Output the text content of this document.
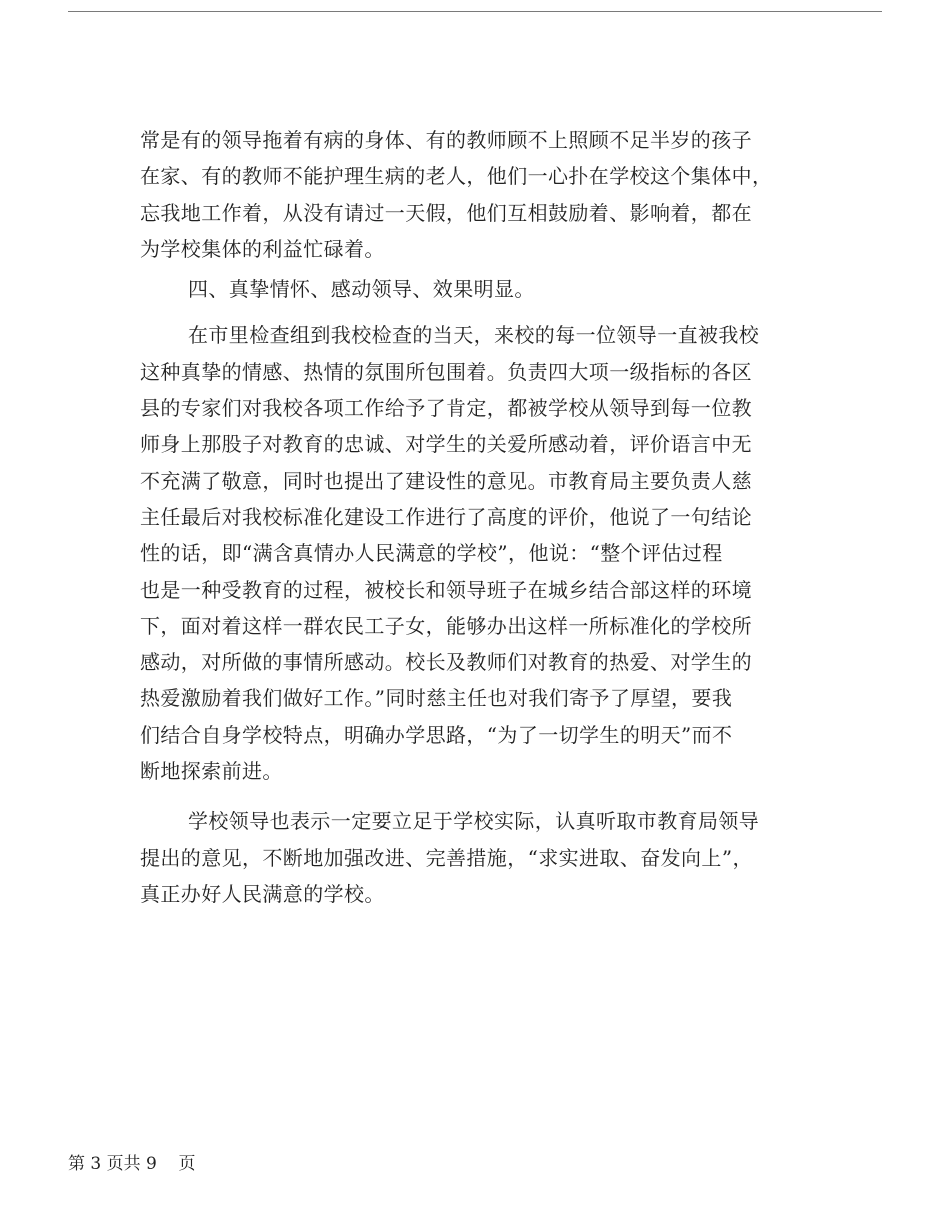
常是有的领导拖着有病的身体、有的教师顾不上照顾不足半岁的孩子
在家、有的教师不能护理生病的老人，他们一心扑在学校这个集体中，
忘我地工作着，从没有请过一天假，他们互相鼓励着、影响着，都在
为学校集体的利益忙碌着。
四、真挚情怀、感动领导、效果明显。
在市里检查组到我校检查的当天，来校的每一位领导一直被我校
这种真挚的情感、热情的氛围所包围着。负责四大项一级指标的各区
县的专家们对我校各项工作给予了肯定，都被学校从领导到每一位教
师身上那股子对教育的忠诚、对学生的关爱所感动着，评价语言中无
不充满了敬意，同时也提出了建设性的意见。市教育局主要负责人慈
主任最后对我校标准化建设工作进行了高度的评价，他说了一句结论
性的话，即“满含真情办人民满意的学校”，他说：“整个评估过程
也是一种受教育的过程，被校长和领导班子在城乡结合部这样的环境
下，面对着这样一群农民工子女，能够办出这样一所标准化的学校所
感动，对所做的事情所感动。校长及教师们对教育的热爱、对学生的
热爱激励着我们做好工作。”同时慈主任也对我们寄予了厚望，要我
们结合自身学校特点，明确办学思路，“为了一切学生的明天”而不
断地探索前进。
学校领导也表示一定要立足于学校实际，认真听取市教育局领导
提出的意见，不断地加强改进、完善措施，“求实进取、奋发向上”，
真正办好人民满意的学校。
第 3 页共 9    页
